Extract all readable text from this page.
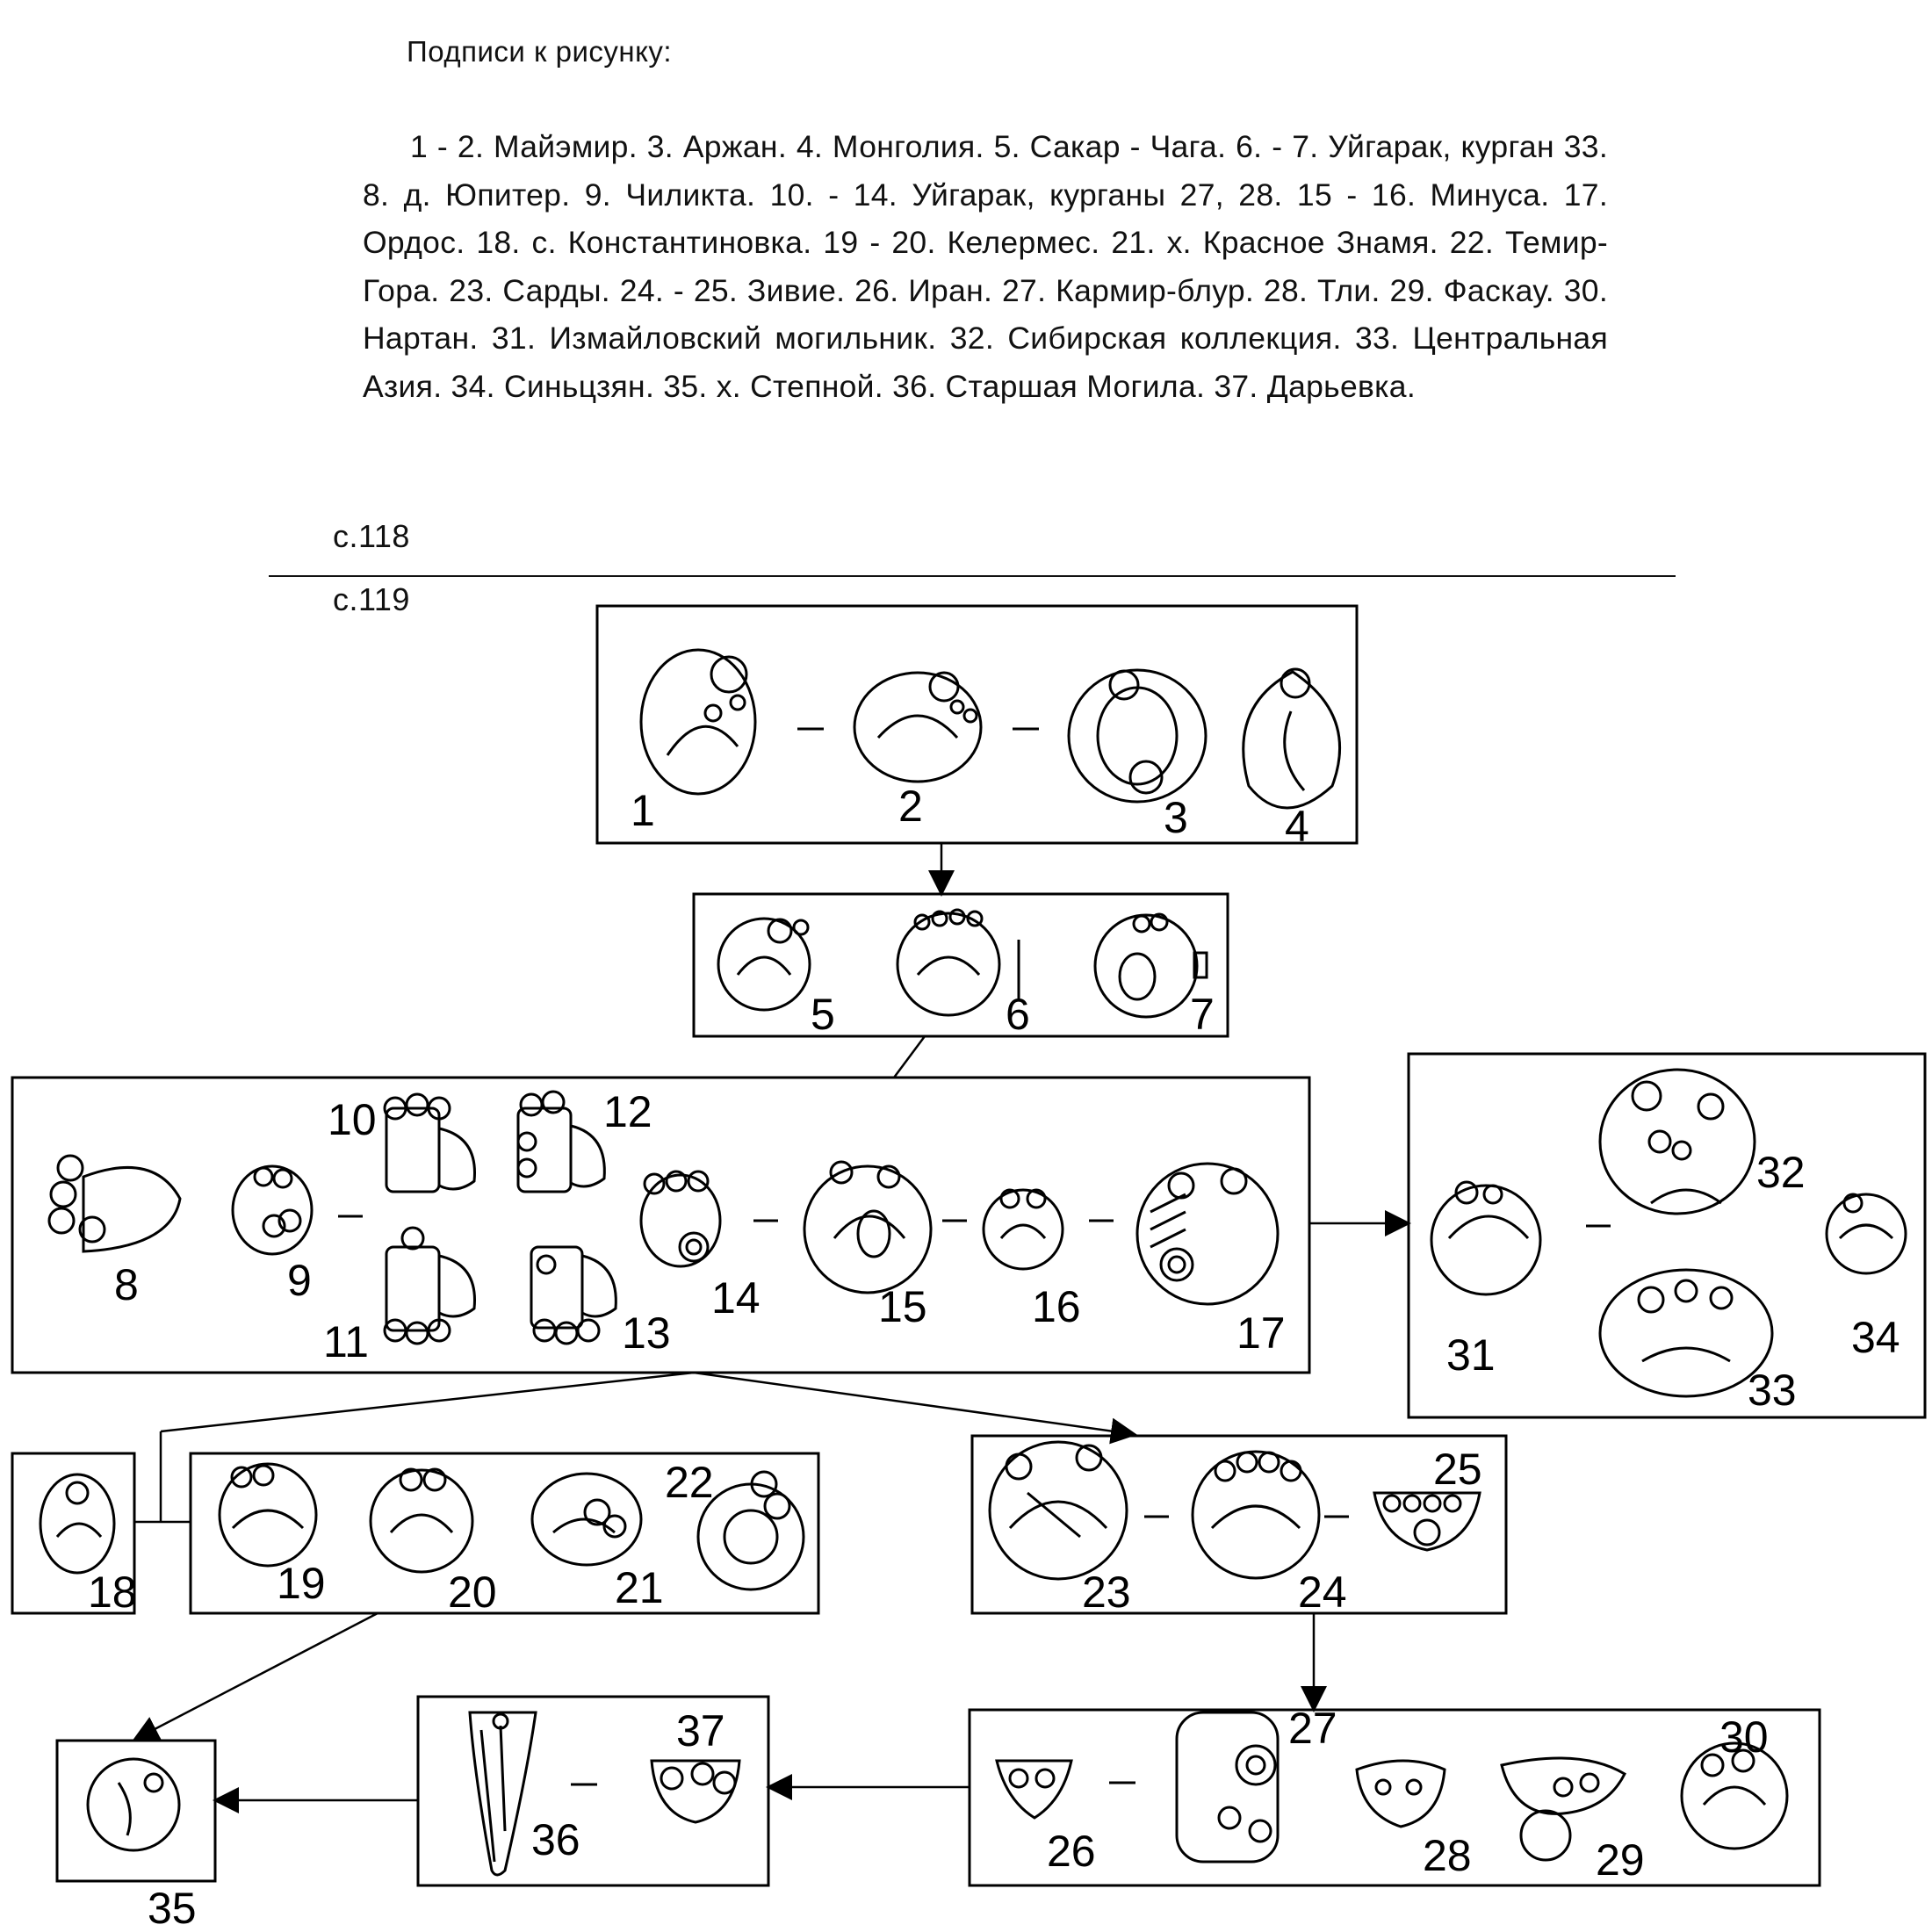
Подписи к рисунку:
1 - 2. Майэмир. 3. Аржан. 4. Монголия. 5. Сакар - Чага. 6. - 7. Уйгарак, курган 33. 8. д. Юпитер. 9. Чиликта. 10. - 14. Уйгарак, курганы 27, 28. 15 - 16. Минуса. 17. Ордос. 18. с. Константиновка. 19 - 20. Келермес. 21. х. Красное Знамя. 22. Темир-Гора. 23. Сарды. 24. - 25. Зивие. 26. Иран. 27. Кармир-блур. 28. Тли. 29. Фаскау. 30. Нартан. 31. Измайловский могильник. 32. Сибирская коллекция. 33. Центральная Азия. 34. Синьцзян. 35. х. Степной. 36. Старшая Могила. 37. Дарьевка.
с.118
с.119
1	2	3 4
5	6	7
8	9
10
11
12
13
14	15 16
17
18	19	20	21
22
23	24
25
26
27
28	29
30
31
32
33
34
35
36
37
